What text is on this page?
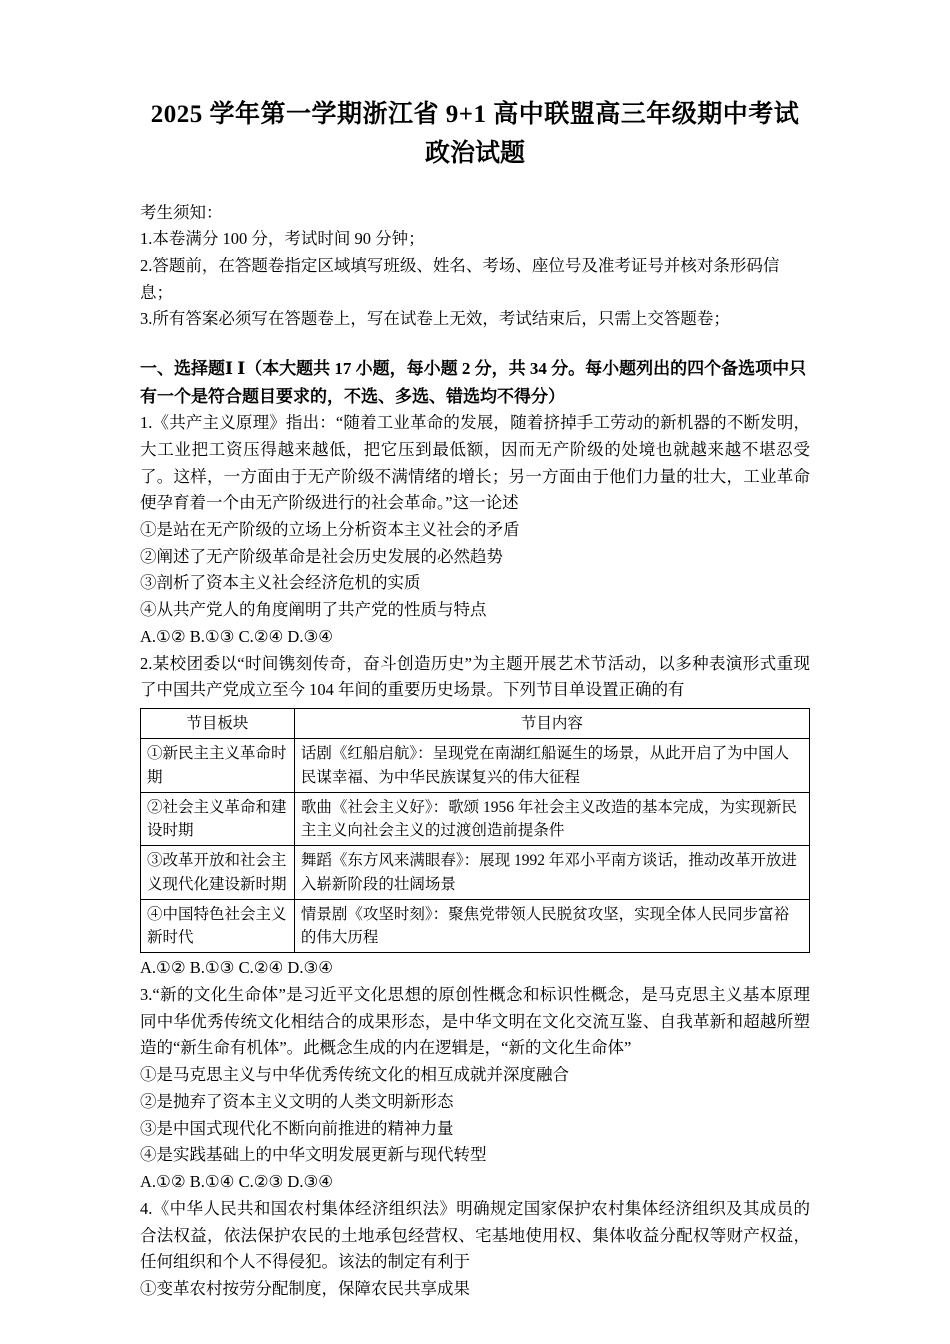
2025 学年第一学期浙江省 9+1 高中联盟高三年级期中考试
政治试题

考生须知：

1.本卷满分 100 分，考试时间 90 分钟；

2.答题前，在答题卷指定区域填写班级、姓名、考场、座位号及准考证号并核对条形码信息；

3.所有答案必须写在答题卷上，写在试卷上无效，考试结束后，只需上交答题卷；

一、选择题Ⅰ Ⅰ（本大题共 17 小题，每小题 2 分，共 34 分。每小题列出的四个备选项中只有一个是符合题目要求的，不选、多选、错选均不得分）

1.《共产主义原理》指出：“随着工业革命的发展，随着挤掉手工劳动的新机器的不断发明，大工业把工资压得越来越低，把它压到最低额，因而无产阶级的处境也就越来越不堪忍受了。这样，一方面由于无产阶级不满情绪的增长；另一方面由于他们力量的壮大，工业革命便孕育着一个由无产阶级进行的社会革命。”这一论述

①是站在无产阶级的立场上分析资本主义社会的矛盾

②阐述了无产阶级革命是社会历史发展的必然趋势

③剖析了资本主义社会经济危机的实质

④从共产党人的角度阐明了共产党的性质与特点

A.①② B.①③ C.②④ D.③④

2.某校团委以“时间镌刻传奇，奋斗创造历史”为主题开展艺术节活动，以多种表演形式重现了中国共产党成立至今 104 年间的重要历史场景。下列节目单设置正确的有

节目板块	节目内容
①新民主主义革命时期	话剧《红船启航》：呈现党在南湖红船诞生的场景，从此开启了为中国人民谋幸福、为中华民族谋复兴的伟大征程
②社会主义革命和建设时期	歌曲《社会主义好》：歌颂 1956 年社会主义改造的基本完成，为实现新民主主义向社会主义的过渡创造前提条件
③改革开放和社会主义现代化建设新时期	舞蹈《东方风来满眼春》：展现 1992 年邓小平南方谈话，推动改革开放进入崭新阶段的壮阔场景
④中国特色社会主义新时代	情景剧《攻坚时刻》：聚焦党带领人民脱贫攻坚，实现全体人民同步富裕的伟大历程

A.①② B.①③ C.②④ D.③④

3.“新的文化生命体”是习近平文化思想的原创性概念和标识性概念，是马克思主义基本原理同中华优秀传统文化相结合的成果形态，是中华文明在文化交流互鉴、自我革新和超越所塑造的“新生命有机体”。此概念生成的内在逻辑是，“新的文化生命体”

①是马克思主义与中华优秀传统文化的相互成就并深度融合

②是抛弃了资本主义文明的人类文明新形态

③是中国式现代化不断向前推进的精神力量

④是实践基础上的中华文明发展更新与现代转型

A.①② B.①④ C.②③ D.③④

4.《中华人民共和国农村集体经济组织法》明确规定国家保护农村集体经济组织及其成员的合法权益，依法保护农民的土地承包经营权、宅基地使用权、集体收益分配权等财产权益，任何组织和个人不得侵犯。该法的制定有利于

①变革农村按劳分配制度，保障农民共享成果
